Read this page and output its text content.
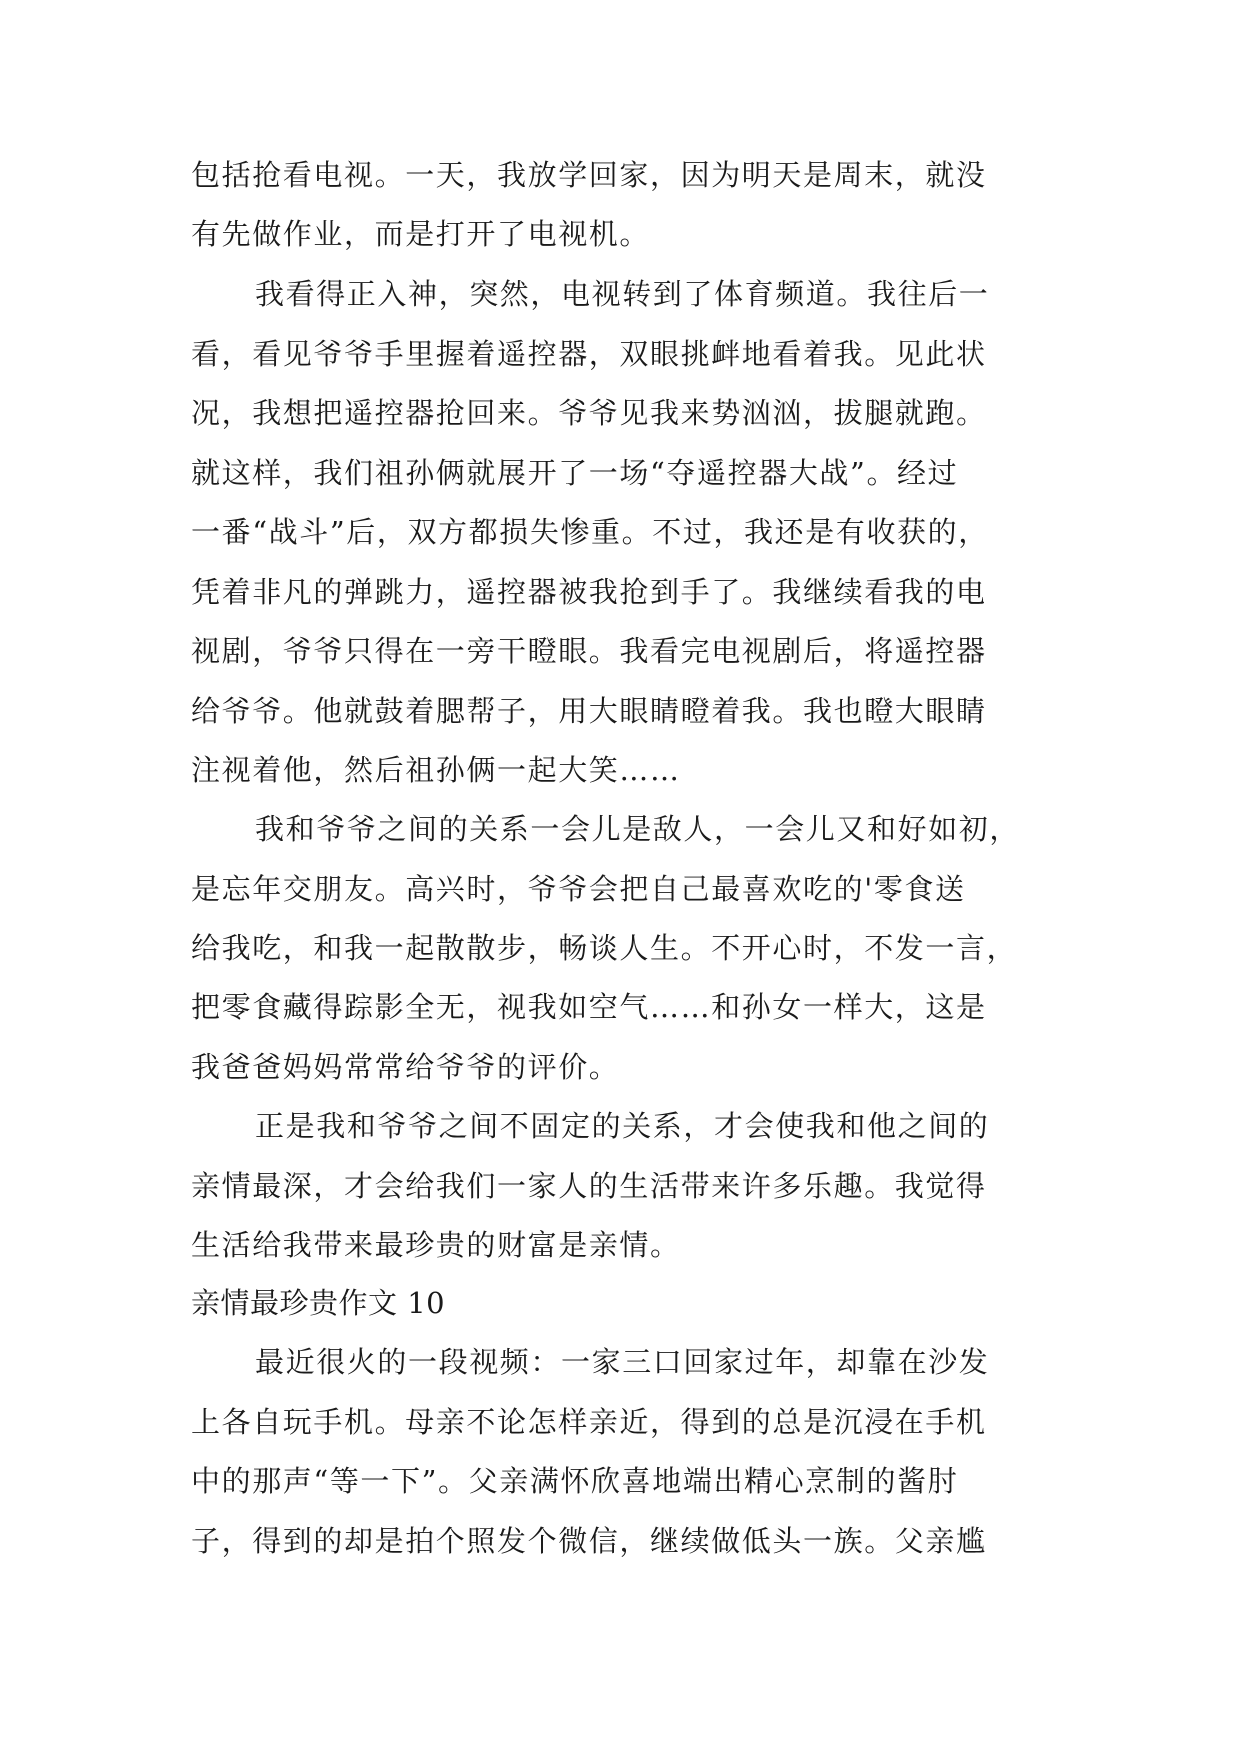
包括抢看电视。一天，我放学回家，因为明天是周末，就没
有先做作业，而是打开了电视机。
我看得正入神，突然，电视转到了体育频道。我往后一
看，看见爷爷手里握着遥控器，双眼挑衅地看着我。见此状
况，我想把遥控器抢回来。爷爷见我来势汹汹，拔腿就跑。
就这样，我们祖孙俩就展开了一场“夺遥控器大战”。经过
一番“战斗”后，双方都损失惨重。不过，我还是有收获的，
凭着非凡的弹跳力，遥控器被我抢到手了。我继续看我的电
视剧，爷爷只得在一旁干瞪眼。我看完电视剧后，将遥控器
给爷爷。他就鼓着腮帮子，用大眼睛瞪着我。我也瞪大眼睛
注视着他，然后祖孙俩一起大笑……
我和爷爷之间的关系一会儿是敌人，一会儿又和好如初，
是忘年交朋友。高兴时，爷爷会把自己最喜欢吃的'零食送
给我吃，和我一起散散步，畅谈人生。不开心时，不发一言，
把零食藏得踪影全无，视我如空气……和孙女一样大，这是
我爸爸妈妈常常给爷爷的评价。
正是我和爷爷之间不固定的关系，才会使我和他之间的
亲情最深，才会给我们一家人的生活带来许多乐趣。我觉得
生活给我带来最珍贵的财富是亲情。
亲情最珍贵作文 10
最近很火的一段视频：一家三口回家过年，却靠在沙发
上各自玩手机。母亲不论怎样亲近，得到的总是沉浸在手机
中的那声“等一下”。父亲满怀欣喜地端出精心烹制的酱肘
子，得到的却是拍个照发个微信，继续做低头一族。父亲尴
